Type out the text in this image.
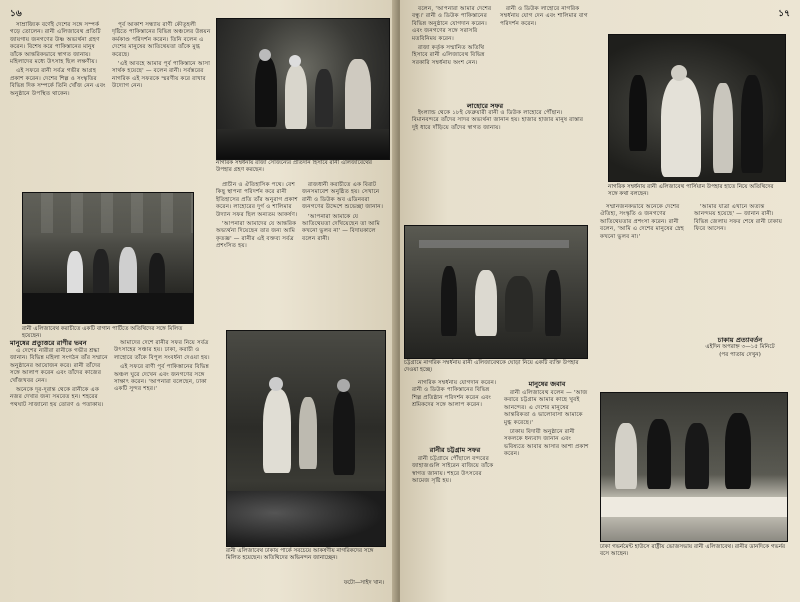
১৬

সাম্রাজ্যিক বর্ণেই দেশের সঙ্গে সম্পর্ক গড়ে তোলেন। রানী এলিজাবেথ প্রতিটি জায়গায় জনগণের উষ্ণ অভ্যর্থনা গ্রহণ করেন। বিশেষ করে পাকিস্তানের মানুষ তাঁকে আন্তরিকভাবে স্বাগত জানায়। মহিলাদের মধ্যে উৎসাহ ছিল লক্ষণীয়।

এই সফরে রানী সর্বত্র গভীর আগ্রহ প্রকাশ করেন। দেশের শিল্প ও সংস্কৃতির বিভিন্ন দিক সম্পর্কে তিনি খোঁজ নেন এবং অনুষ্ঠানে উপস্থিত থাকেন।

পূর্ব আকাশ সন্ধ্যায় রাণী কৌতূহলী দৃষ্টিতে পাকিস্তানের বিভিন্ন অঞ্চলের উন্নয়ন কর্মকাণ্ড পরিদর্শন করেন। তিনি বলেন এ দেশের মানুষের আতিথেয়তা তাঁকে মুগ্ধ করেছে।

'এই আবহে আমার পূর্ব পাকিস্তানে আসা সার্থক হয়েছে' — বলেন রানী। সর্বস্তরের নাগরিক এই সফরকে স্মরণীয় করে রাখার উদ্যোগ নেন।

নাগরিক সম্বর্ধনায় রাজা সৌজন্যের প্রতিদান হিসাবে রানী এলিজাবেথের উপহার গ্রহণ করছেন।
রানী এলিজাবেথ করাচীতে একটি বাগান পার্টিতে অতিথিদের সঙ্গে মিলিত হয়েছেন।

প্রাচীন ও ঐতিহাসিক পথে। বেশ কিছু স্থাপনা পরিদর্শন করে রানী ইতিহাসের প্রতি তাঁর অনুরাগ প্রকাশ করেন। লাহোরের দুর্গ ও শালিমার উদ্যান সফর ছিল অন্যতম আকর্ষণ।

'আপনারা আমাদের যে আন্তরিক অভ্যর্থনা দিয়েছেন তার জন্য আমি কৃতজ্ঞ' — রানীর এই বক্তব্য সর্বত্র প্রশংসিত হয়।

রাজধানী করাচীতে এক বিরাট জনসমাবেশ অনুষ্ঠিত হয়। সেখানে রানী ও ডিউক অব এডিনবরা জনগণের উদ্দেশে শুভেচ্ছা জানান।

'আপনারা আমাকে যে আতিথেয়তা দেখিয়েছেন তা আমি কখনো ভুলব না' — বিদায়কালে বলেন রানী।

মানুষের প্রত্যুত্তরে রাণীর ভবন

এ দেশের নারীরা রানীকে গভীর শ্রদ্ধা জানান। বিভিন্ন মহিলা সংগঠন তাঁর সম্মানে অনুষ্ঠানের আয়োজন করে। রানী তাঁদের সঙ্গে আলাপ করেন এবং তাঁদের কাজের খোঁজখবর নেন।

অনেকে দূর-দূরান্ত থেকে রানীকে এক নজর দেখার জন্য সমবেত হন। শহরের পথঘাট সাজানো হয় তোরণ ও পতাকায়।

আমাদের দেশে রানীর সফর নিয়ে সর্বত্র উৎসাহের সঞ্চার হয়। ঢাকা, করাচী ও লাহোরে তাঁকে বিপুল সংবর্ধনা দেওয়া হয়।

এই সফরে রাণী পূর্ব পাকিস্তানের বিভিন্ন অঞ্চল ঘুরে দেখেন এবং জনগণের সঙ্গে সাক্ষাৎ করেন। 'আপনারা বলেছেন, ঢাকা একটি সুন্দর শহর।'

রানী এলিজাবেথ ঢাকায় পার্কে সবচেয়ে আকর্ষণীয় নাগরিকদের সঙ্গে মিলিত হয়েছেন। অতিথিদের অভিনন্দন জানাচ্ছেন।
ফটো—সাইদ খান।
১৭

বলেন, 'আপনারা আমার দেশের বন্ধু।' রানী ও ডিউক পাকিস্তানের বিভিন্ন অনুষ্ঠানে যোগদান করেন। এবং জনগণের সঙ্গে সরাসরি মতবিনিময় করেন।

রাজা কর্তৃক সম্মানিত অতিথি হিসাবে রানী এলিজাবেথ বিভিন্ন সরকারি সম্বর্ধনায় অংশ নেন।

রানী ও ডিউক লাহোরে নাগরিক সম্বর্ধনায় যোগ দেন এবং শালিমার বাগ পরিদর্শন করেন।

লাহোরে সফর

ইংল্যান্ড থেকে ১৮ই ফেব্রুয়ারী রানী ও ডিউক লাহোরে পৌঁছান। বিমানবন্দরে তাঁদের সাদর অভ্যর্থনা জানান হয়। হাজার হাজার মানুষ রাস্তার দুই ধারে দাঁড়িয়ে তাঁদের স্বাগত জানায়।

নাগরিক সম্বর্ধনায় রানী এলিজাবেথ পার্সিয়ান উপহার হাতে নিয়ে অতিথিদের সঙ্গে কথা বলছেন।
চট্টগ্রামে নাগরিক সম্বর্ধনায় রানী এলিজাবেথকে ঘোড়া নিয়ে একটি ব্যক্তি উপহার দেওয়া হচ্ছে।

সম্মানজনকভাবে অনেকে দেশের ঐতিহ্য, সংস্কৃতি ও জনগণের আতিথেয়তার প্রশংসা করেন। রানী বলেন, 'আমি এ দেশের মানুষের স্নেহ কখনো ভুলব না।'

'আমার যাত্রা এখানে অত্যন্ত আনন্দময় হয়েছে' — জানান রানী। বিভিন্ন জেলায় সফর শেষে রানী ঢাকায় ফিরে আসেন।

চাকায় প্রত্যাবর্তন
এইদিন অপরাহ্ন ৩—১৫ মিনিটে
(পর পাতায় দেখুন)

নাগরিক সম্বর্ধনায় যোগদান করেন। রানী ও ডিউক পাকিস্তানের বিভিন্ন শিল্প প্রতিষ্ঠান পরিদর্শন করেন এবং শ্রমিকদের সঙ্গে আলাপ করেন।

রানীর চট্টগ্রাম সফর

রানী চট্টগ্রামে পৌঁছালে বন্দরের জাহাজগুলি সাইরেন বাজিয়ে তাঁকে স্বাগত জানায়। শহরে উৎসবের আমেজ সৃষ্টি হয়।

মানুষের জবাব

রানী এলিজাবেথ বলেন — 'আজ কবারে চট্টগ্রাম আমার কাছে খুবই আনন্দের। এ দেশের মানুষের আন্তরিকতা ও ভালোবাসা আমাকে মুগ্ধ করেছে।'

ঢাকায় বিদায়ী অনুষ্ঠানে রানী সকলকে ধন্যবাদ জানান এবং ভবিষ্যতে আবার আসার আশা প্রকাশ করেন।

ঢাকা গভর্নমেন্ট হাউসে রাষ্ট্রীয় ভোজসভায় রানী এলিজাবেথ। রানীর ডানদিকে গভর্নর বসে আছেন।
